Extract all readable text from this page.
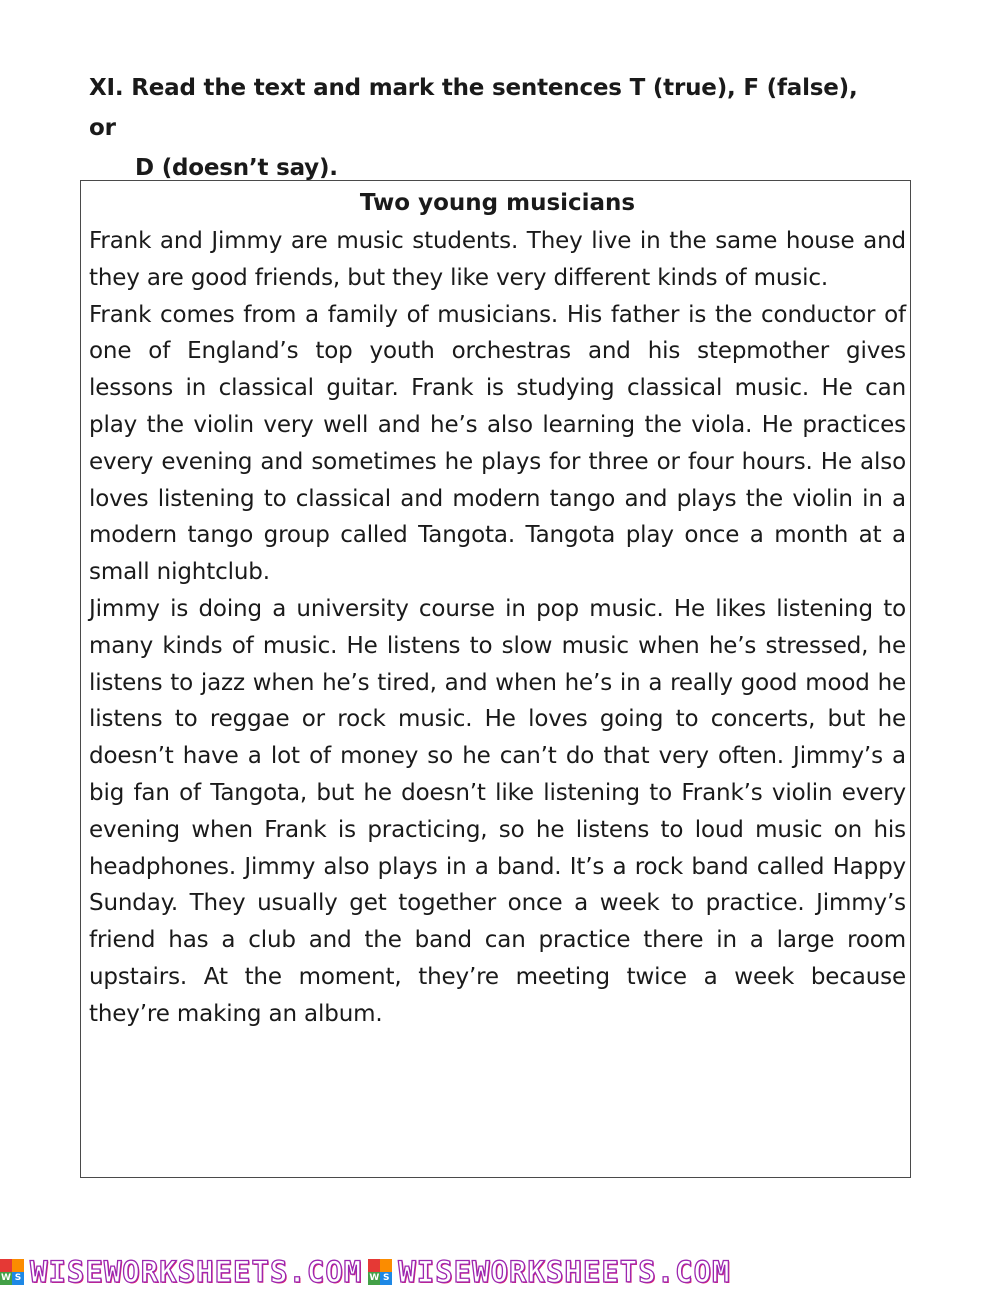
XI. Read the text and mark the sentences T (true), F (false), or
D (doesn’t say).
Two young musicians

Frank and Jimmy are music students. They live in the same house and they are good friends, but they like very different kinds of music.

Frank comes from a family of musicians. His father is the conductor of one of England’s top youth orchestras and his stepmother gives lessons in classical guitar. Frank is studying classical music. He can play the violin very well and he’s also learning the viola. He practices every evening and sometimes he plays for three or four hours. He also loves listening to classical and modern tango and plays the violin in a modern tango group called Tangota. Tangota play once a month at a small nightclub.

Jimmy is doing a university course in pop music. He likes listening to many kinds of music. He listens to slow music when he’s stressed, he listens to jazz when he’s tired, and when he’s in a really good mood he listens to reggae or rock music. He loves going to concerts, but he doesn’t have a lot of money so he can’t do that very often. Jimmy’s a big fan of Tangota, but he doesn’t like listening to Frank’s violin every evening when Frank is practicing, so he listens to loud music on his headphones. Jimmy also plays in a band. It’s a rock band called Happy Sunday. They usually get together once a week to practice. Jimmy’s friend has a club and the band can practice there in a large room upstairs. At the moment, they’re meeting twice a week because they’re making an album.

W S WISEWORKSHEETS.COM W S WISEWORKSHEETS.COM
